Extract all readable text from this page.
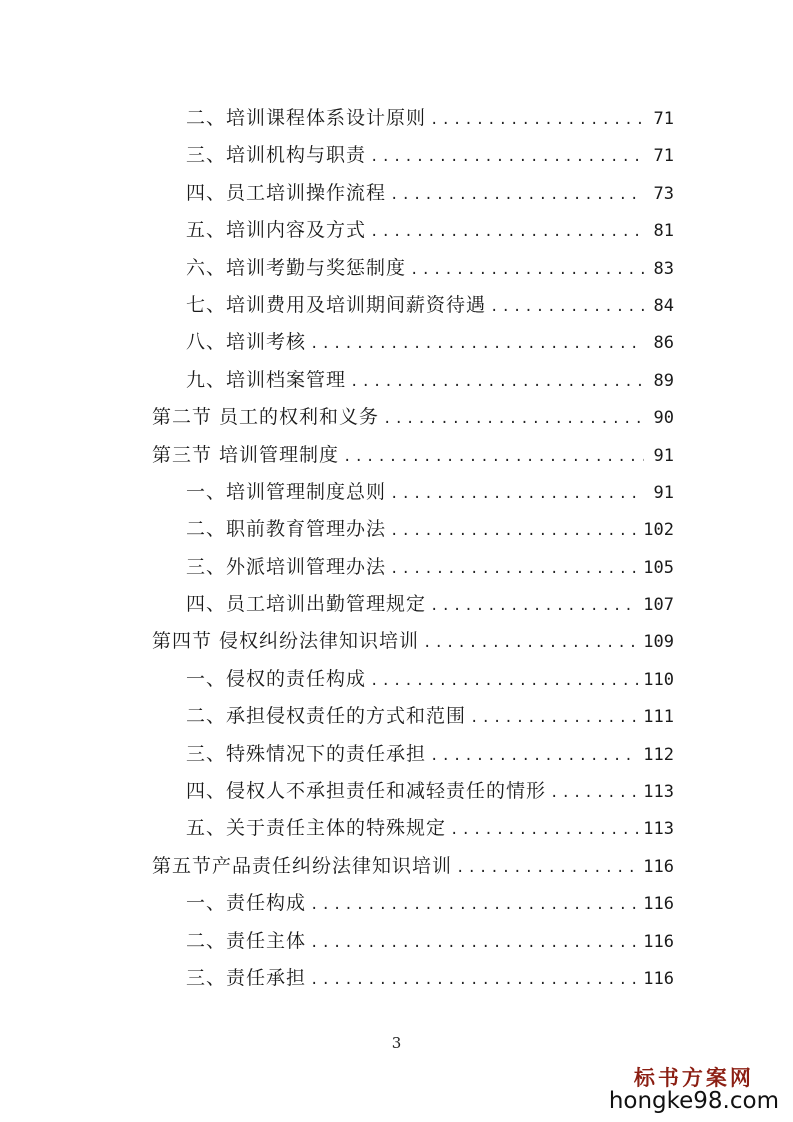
二、培训课程体系设计原则 .....	71
三、培训机构与职责 .....	71
四、员工培训操作流程 .....	73
五、培训内容及方式 .....	81
六、培训考勤与奖惩制度 .....	83
七、培训费用及培训期间薪资待遇 .....	84
八、培训考核 .....	86
九、培训档案管理 .....	89
第二节 员工的权利和义务 .....	90
第三节 培训管理制度 .....	91
一、培训管理制度总则 .....	91
二、职前教育管理办法 .....	102
三、外派培训管理办法 .....	105
四、员工培训出勤管理规定 .....	107
第四节 侵权纠纷法律知识培训 .....	109
一、侵权的责任构成 .....	110
二、承担侵权责任的方式和范围 .....	111
三、特殊情况下的责任承担 .....	112
四、侵权人不承担责任和减轻责任的情形 .....	113
五、关于责任主体的特殊规定 .....	113
第五节产品责任纠纷法律知识培训 .....	116
一、责任构成 .....	116
二、责任主体 .....	116
三、责任承担 .....	116
3
标书方案网
hongke98.com
